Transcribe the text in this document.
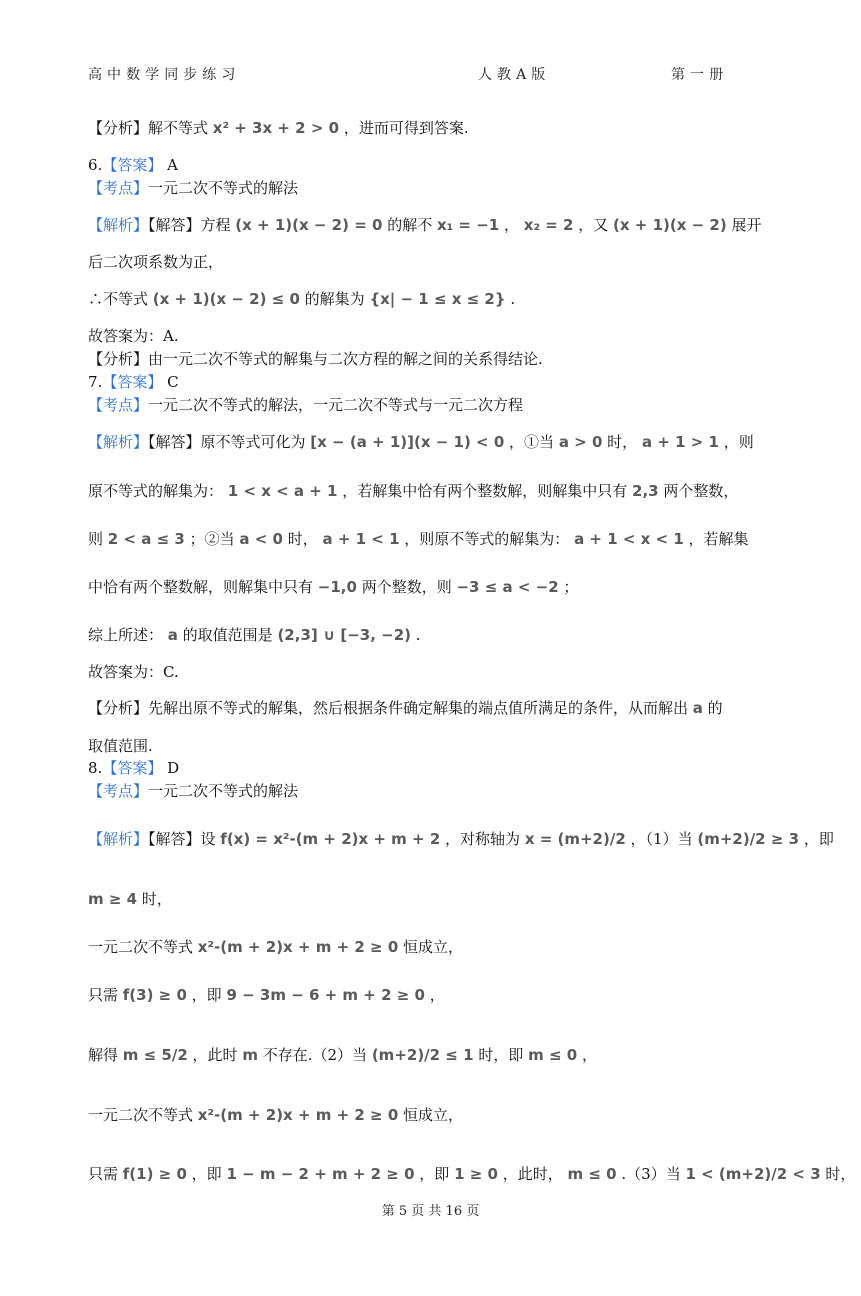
高 中 数 学 同 步 练 习	人 教 A 版	第 一 册
【分析】解不等式 x² + 3x + 2 > 0 ，进而可得到答案.
6.【答案】 A
【考点】一元二次不等式的解法
【解析】【解答】方程 (x + 1)(x − 2) = 0 的解不 x₁ = −1 ， x₂ = 2 ，又 (x + 1)(x − 2) 展开
后二次项系数为正，
∴不等式 (x + 1)(x − 2) ≤ 0 的解集为 {x| − 1 ≤ x ≤ 2} .
故答案为：A.
【分析】由一元二次不等式的解集与二次方程的解之间的关系得结论.
7.【答案】 C
【考点】一元二次不等式的解法，一元二次不等式与一元二次方程
【解析】【解答】原不等式可化为 [x − (a + 1)](x − 1) < 0 ，①当 a > 0 时， a + 1 > 1 ，则
原不等式的解集为： 1 < x < a + 1 ，若解集中恰有两个整数解，则解集中只有 2,3 两个整数，
则 2 < a ≤ 3 ；②当 a < 0 时， a + 1 < 1 ，则原不等式的解集为： a + 1 < x < 1 ，若解集
中恰有两个整数解，则解集中只有 −1,0 两个整数，则 −3 ≤ a < −2 ；
综上所述： a 的取值范围是 (2,3] ∪ [−3, −2) .
故答案为：C.
【分析】先解出原不等式的解集，然后根据条件确定解集的端点值所满足的条件，从而解出 a 的
取值范围.
8.【答案】 D
【考点】一元二次不等式的解法
【解析】【解答】设 f(x) = x²-(m + 2)x + m + 2 ，对称轴为 x = (m+2)/2 ，（1）当 (m+2)/2 ≥ 3 ，即
m ≥ 4 时，
一元二次不等式 x²-(m + 2)x + m + 2 ≥ 0 恒成立，
只需 f(3) ≥ 0 ，即 9 − 3m − 6 + m + 2 ≥ 0 ，
解得 m ≤ 5/2 ，此时 m 不存在.（2）当 (m+2)/2 ≤ 1 时，即 m ≤ 0 ，
一元二次不等式 x²-(m + 2)x + m + 2 ≥ 0 恒成立，
只需 f(1) ≥ 0 ，即 1 − m − 2 + m + 2 ≥ 0 ，即 1 ≥ 0 ，此时， m ≤ 0 .（3）当 1 < (m+2)/2 < 3 时，
第 5 页 共 16 页
